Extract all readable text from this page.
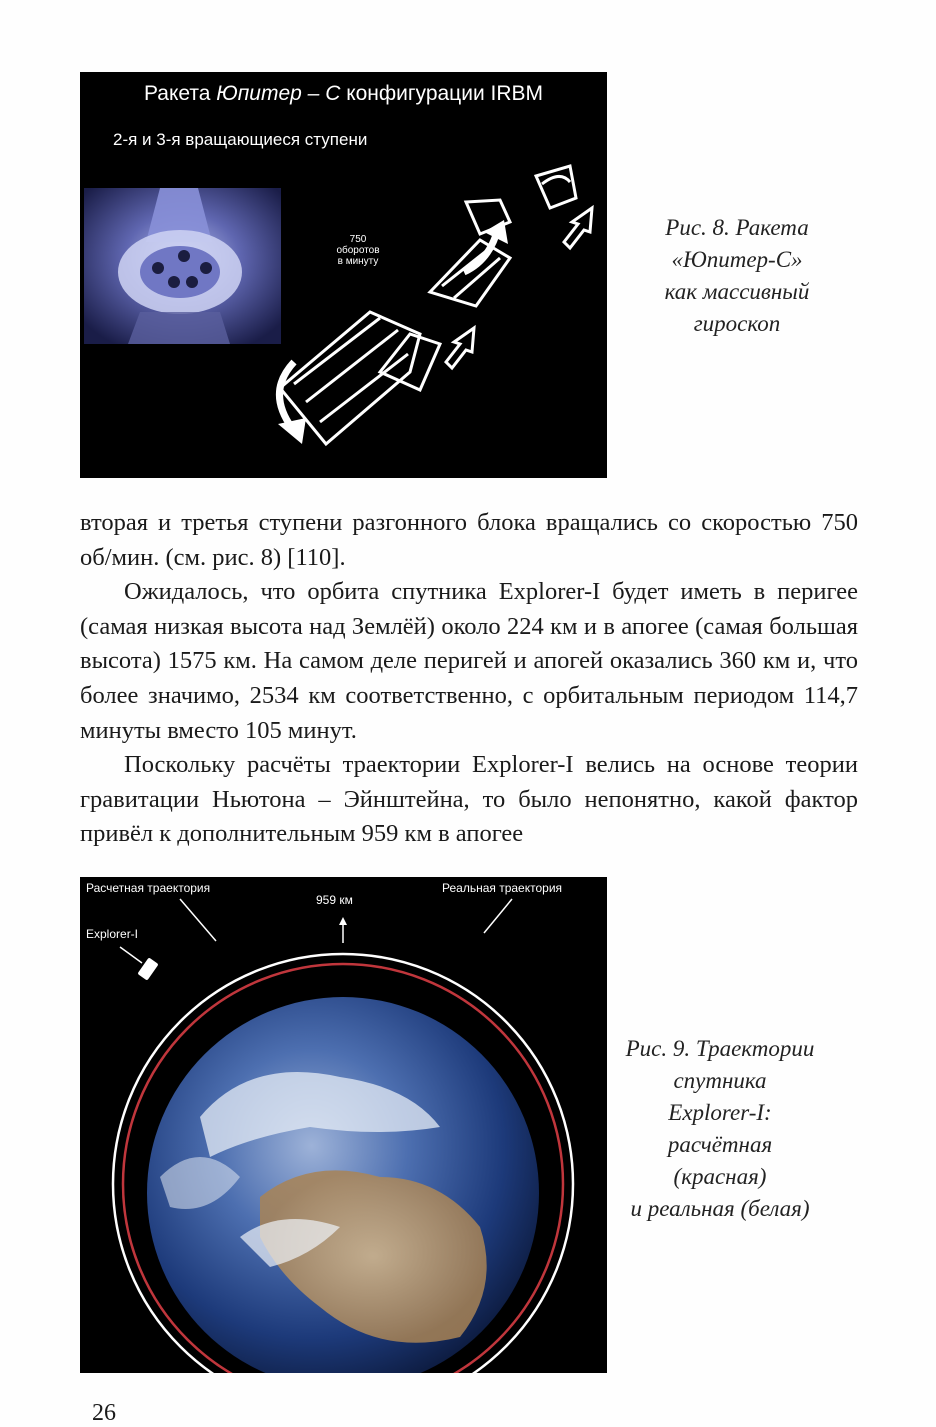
Ракета Юпитер – С конфигурации IRBM
2-я и 3-я вращающиеся ступени
750
оборотов
в минуту
Рис. 8. Ракета
«Юпитер-С»
как массивный
гироскоп

вторая и третья ступени разгонного блока вращались со скоростью 750 об/мин. (см. рис. 8) [110].

Ожидалось, что орбита спутника Explorer-I будет иметь в перигее (самая низкая высота над Землёй) около 224 км и в апогее (самая большая высота) 1575 км. На самом деле перигей и апогей оказались 360 км и, что более значимо, 2534 км соответственно, с орбитальным периодом 114,7 минуты вместо 105 минут.

Поскольку расчёты траектории Explorer-I велись на основе теории гравитации Ньютона – Эйнштейна, то было непонятно, какой фактор привёл к дополнительным 959 км в апогее

Расчетная траектория	Реальная траектория
959 км
Explorer-I
Рис. 9. Траектории
спутника
Explorer-I:
расчётная
(красная)
и реальная (белая)
26
